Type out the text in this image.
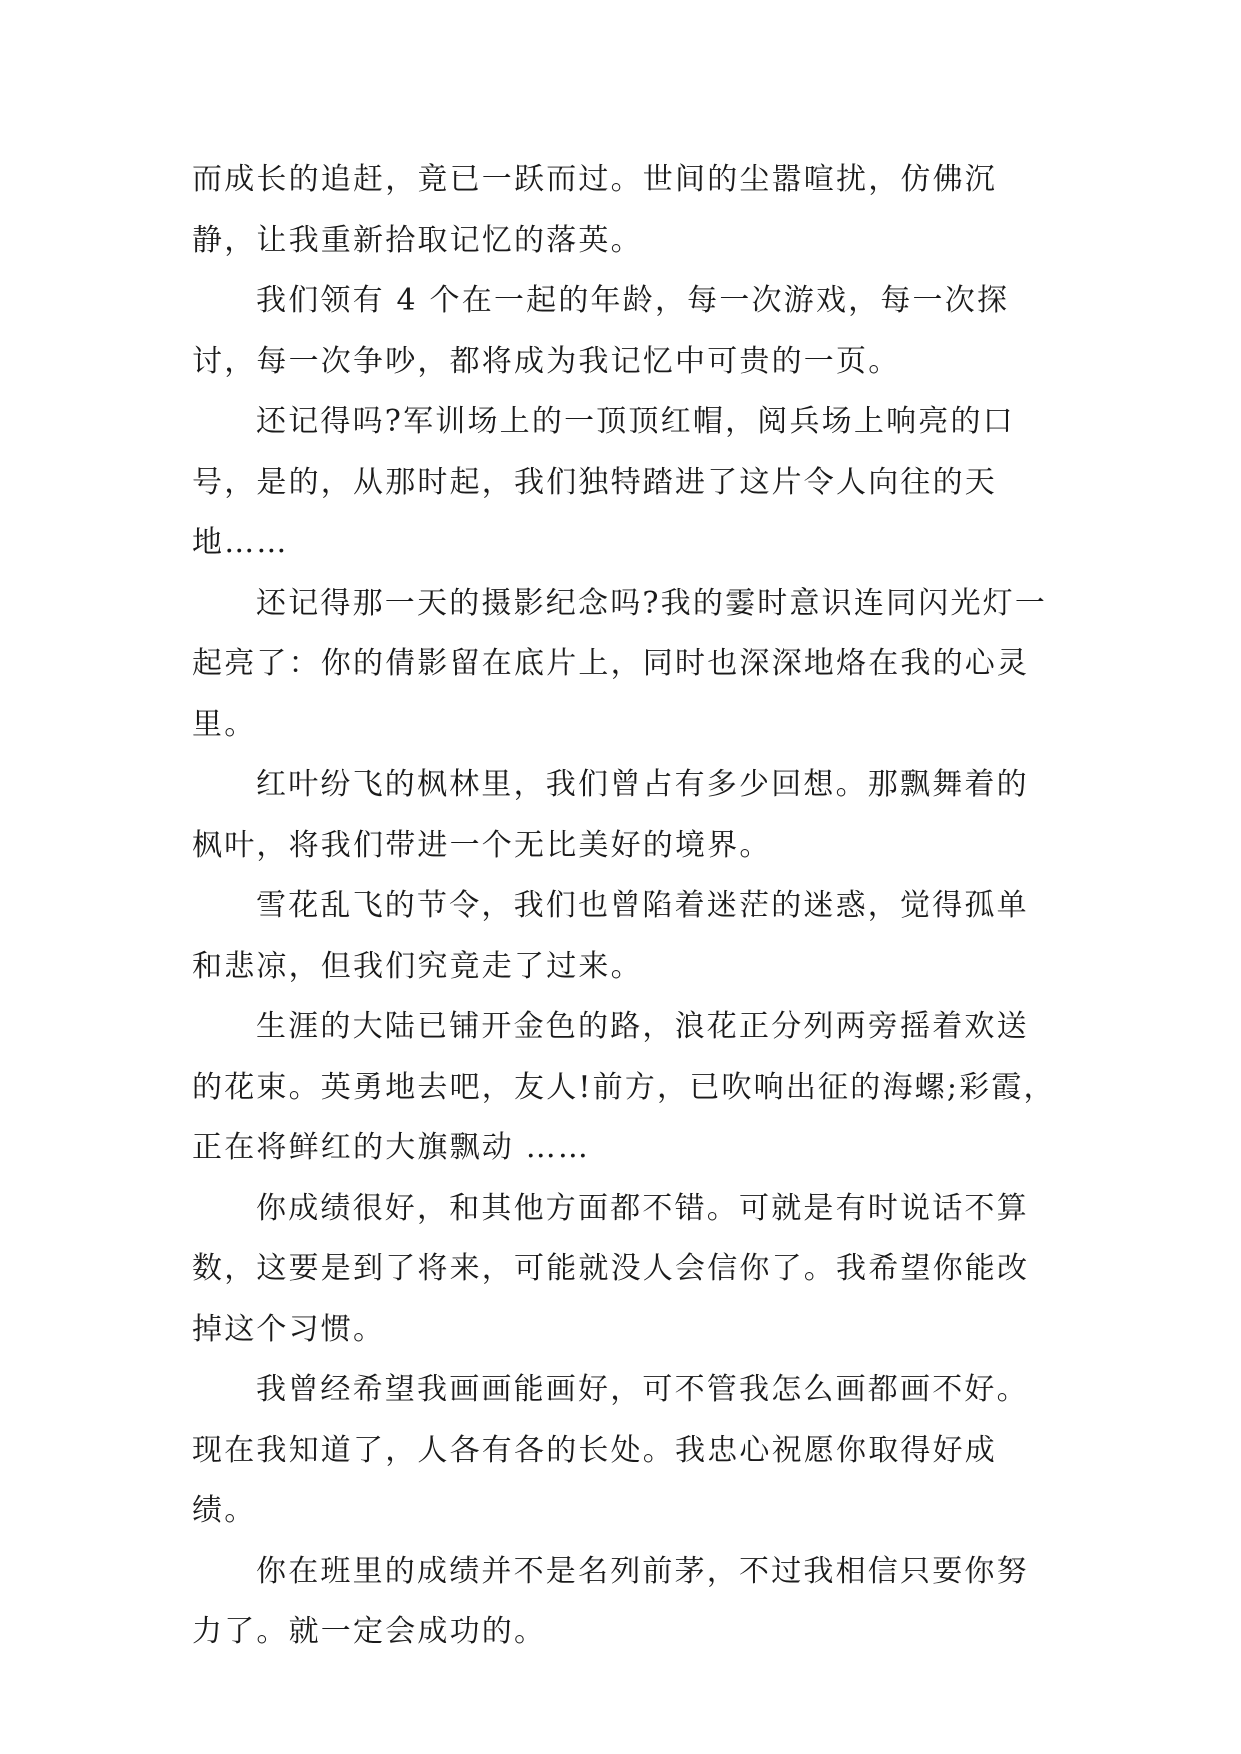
而成长的追赶，竟已一跃而过。世间的尘嚣喧扰，仿佛沉静，让我重新拾取记忆的落英。

我们领有 4 个在一起的年龄，每一次游戏，每一次探讨，每一次争吵，都将成为我记忆中可贵的一页。

还记得吗?军训场上的一顶顶红帽，阅兵场上响亮的口号，是的，从那时起，我们独特踏进了这片令人向往的天地……

还记得那一天的摄影纪念吗?我的霎时意识连同闪光灯一起亮了：你的倩影留在底片上，同时也深深地烙在我的心灵里。

红叶纷飞的枫林里，我们曾占有多少回想。那飘舞着的枫叶，将我们带进一个无比美好的境界。

雪花乱飞的节令，我们也曾陷着迷茫的迷惑，觉得孤单和悲凉，但我们究竟走了过来。

生涯的大陆已铺开金色的路，浪花正分列两旁摇着欢送的花束。英勇地去吧，友人!前方，已吹响出征的海螺;彩霞，正在将鲜红的大旗飘动 ……

你成绩很好，和其他方面都不错。可就是有时说话不算数，这要是到了将来，可能就没人会信你了。我希望你能改掉这个习惯。

我曾经希望我画画能画好，可不管我怎么画都画不好。现在我知道了，人各有各的长处。我忠心祝愿你取得好成绩。

你在班里的成绩并不是名列前茅，不过我相信只要你努力了。就一定会成功的。
